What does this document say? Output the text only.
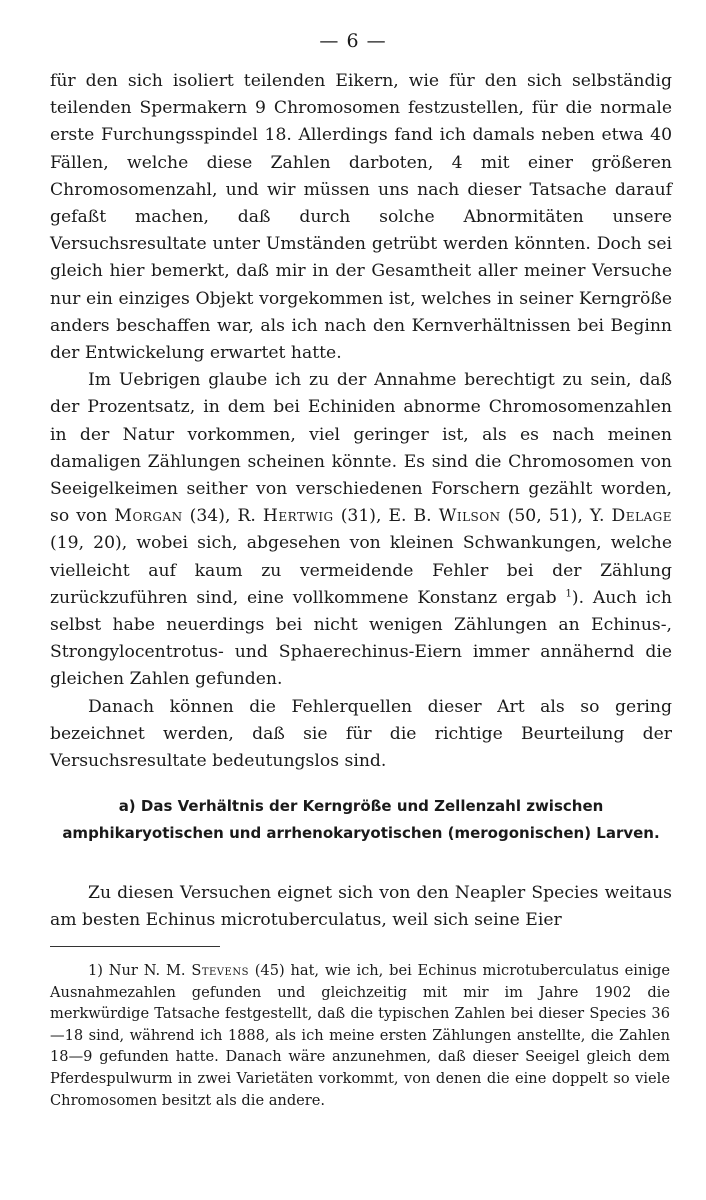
— 6 —

für den sich isoliert teilenden Eikern, wie für den sich selbständig teilenden Spermakern 9 Chromosomen festzustellen, für die normale erste Furchungsspindel 18. Allerdings fand ich damals neben etwa 40 Fällen, welche diese Zahlen darboten, 4 mit einer größeren Chromosomenzahl, und wir müssen uns nach dieser Tatsache darauf gefaßt machen, daß durch solche Abnormitäten unsere Versuchsresultate unter Umständen getrübt werden könnten. Doch sei gleich hier bemerkt, daß mir in der Gesamtheit aller meiner Versuche nur ein einziges Objekt vorgekommen ist, welches in seiner Kerngröße anders beschaffen war, als ich nach den Kernverhältnissen bei Beginn der Entwickelung erwartet hatte.

Im Uebrigen glaube ich zu der Annahme berechtigt zu sein, daß der Prozentsatz, in dem bei Echiniden abnorme Chromosomenzahlen in der Natur vorkommen, viel geringer ist, als es nach meinen damaligen Zählungen scheinen könnte. Es sind die Chromosomen von Seeigelkeimen seither von verschiedenen Forschern gezählt worden, so von Morgan (34), R. Hertwig (31), E. B. Wilson (50, 51), Y. Delage (19, 20), wobei sich, abgesehen von kleinen Schwankungen, welche vielleicht auf kaum zu vermeidende Fehler bei der Zählung zurückzuführen sind, eine vollkommene Konstanz ergab $^1$). Auch ich selbst habe neuerdings bei nicht wenigen Zählungen an Echinus-, Strongylocentrotus- und Sphaerechinus-Eiern immer annähernd die gleichen Zahlen gefunden.

Danach können die Fehlerquellen dieser Art als so gering bezeichnet werden, daß sie für die richtige Beurteilung der Versuchsresultate bedeutungslos sind.

a) Das Verhältnis der Kerngröße und Zellenzahl zwischen amphikaryotischen und arrhenokaryotischen (merogonischen) Larven.

Zu diesen Versuchen eignet sich von den Neapler Species weitaus am besten Echinus microtuberculatus, weil sich seine Eier

1) Nur N. M. Stevens (45) hat, wie ich, bei Echinus microtuberculatus einige Ausnahmezahlen gefunden und gleichzeitig mit mir im Jahre 1902 die merkwürdige Tatsache festgestellt, daß die typischen Zahlen bei dieser Species 36—18 sind, während ich 1888, als ich meine ersten Zählungen anstellte, die Zahlen 18—9 gefunden hatte. Danach wäre anzunehmen, daß dieser Seeigel gleich dem Pferdespulwurm in zwei Varietäten vorkommt, von denen die eine doppelt so viele Chromosomen besitzt als die andere.
